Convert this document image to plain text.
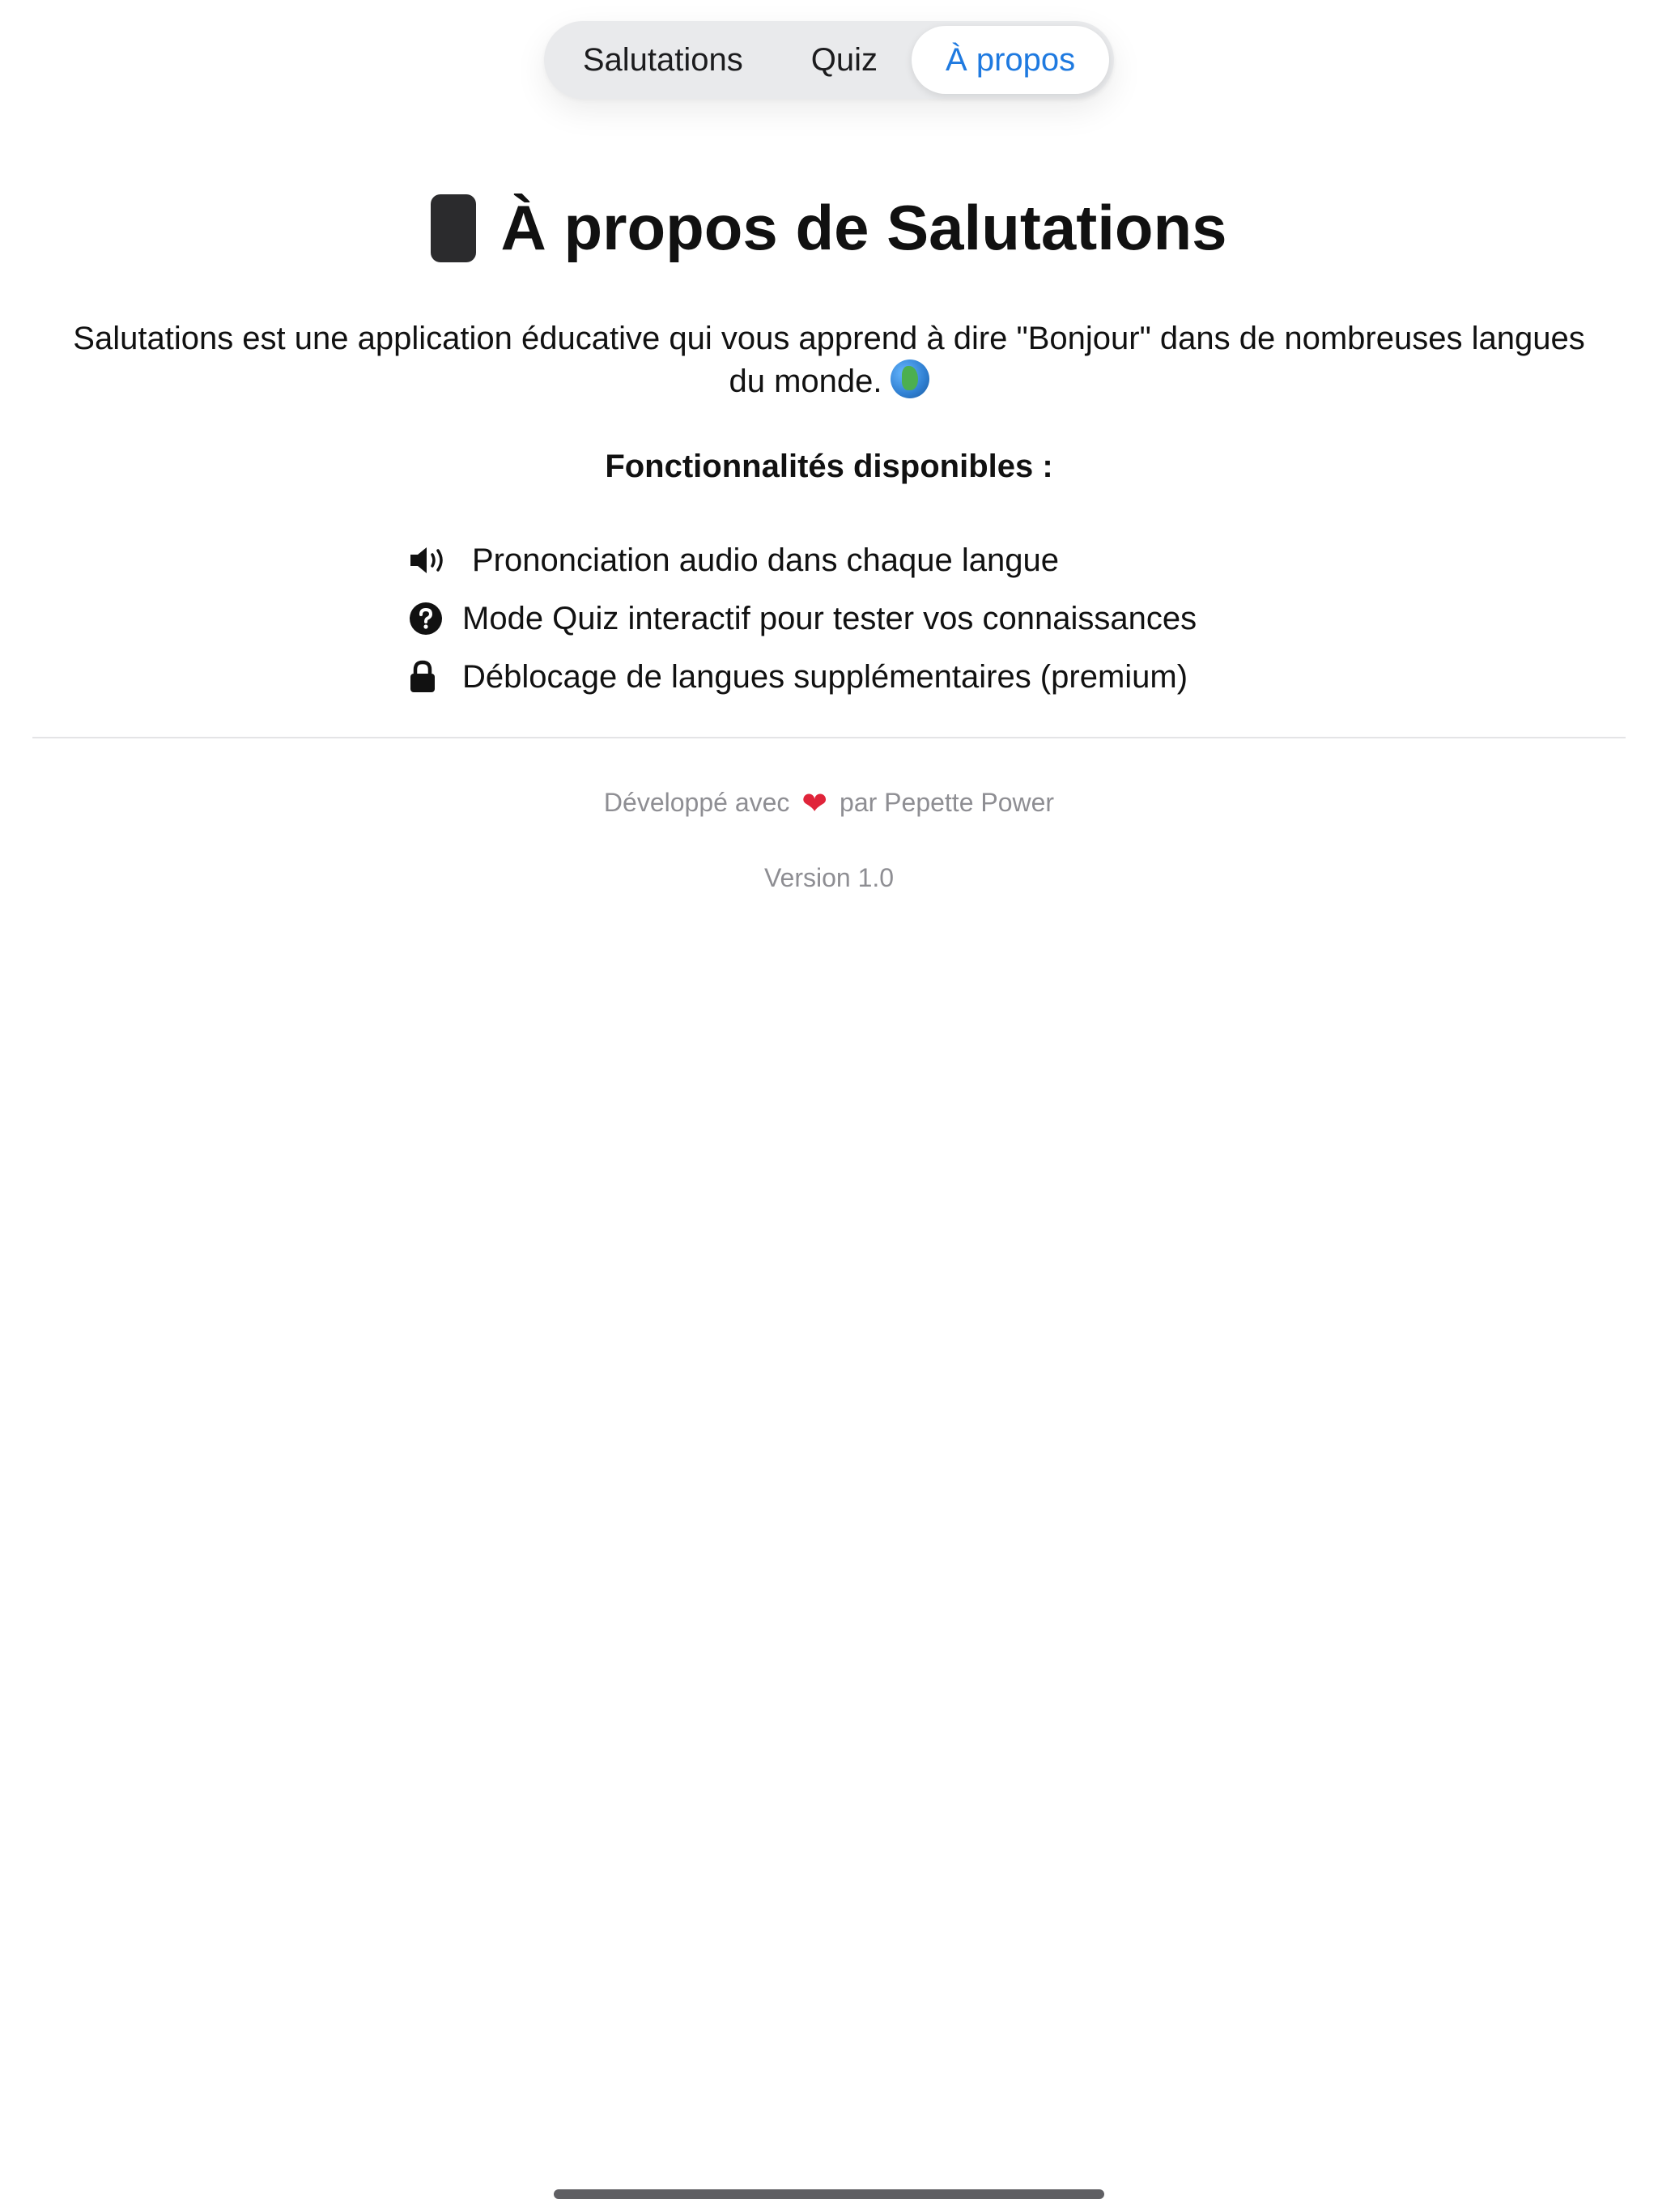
Salutations	Quiz	À propos
À propos de Salutations

Salutations est une application éducative qui vous apprend à dire "Bonjour" dans de nombreuses langues du monde.

Fonctionnalités disponibles :
Prononciation audio dans chaque langue
Mode Quiz interactif pour tester vos connaissances
Déblocage de langues supplémentaires (premium)
Développé avec ❤ par Pepette Power
Version 1.0
